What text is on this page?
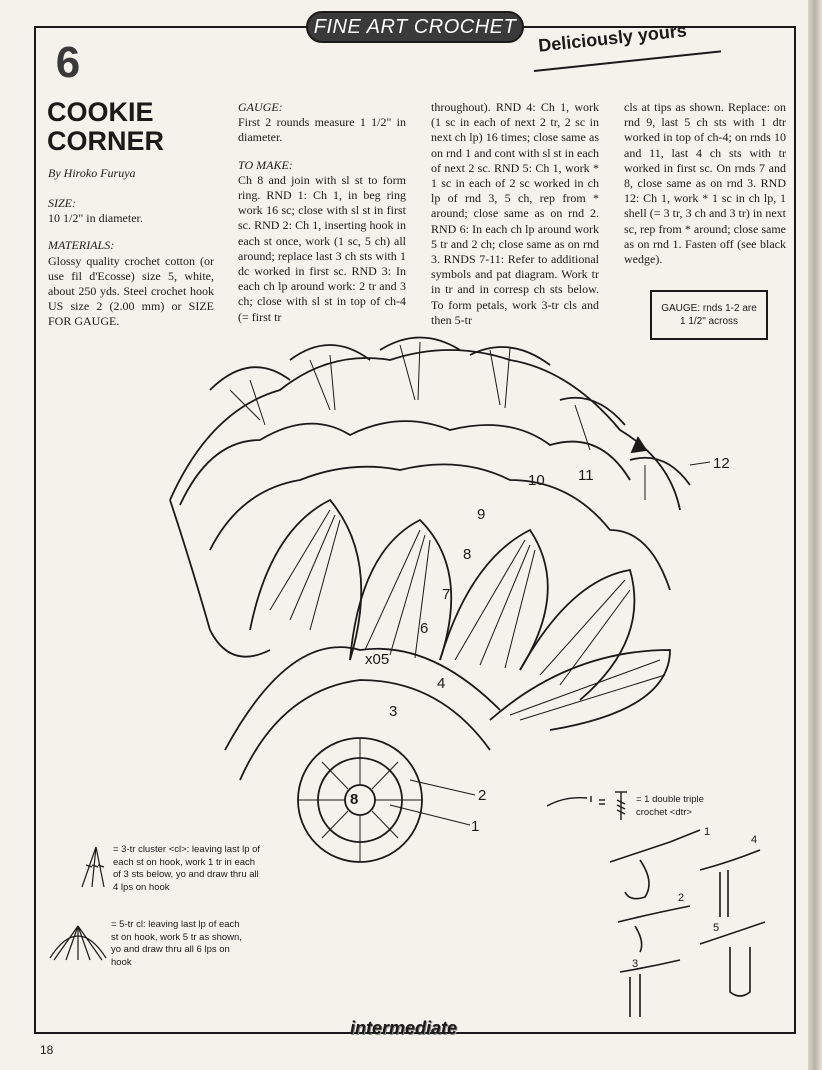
FINE ART CROCHET Deliciously yours
6
COOKIE
CORNER
By Hiroko Furuya

SIZE:

10 1/2" in diameter.

MATERIALS:

Glossy quality crochet cotton (or use fil d'Ecosse) size 5, white, about 250 yds. Steel crochet hook US size 2 (2.00 mm) or SIZE FOR GAUGE.

GAUGE:

First 2 rounds measure 1 1/2" in diameter.

TO MAKE:

Ch 8 and join with sl st to form ring. RND 1: Ch 1, in beg ring work 16 sc; close with sl st in first sc. RND 2: Ch 1, inserting hook in each st once, work (1 sc, 5 ch) all around; replace last 3 ch sts with 1 dc worked in first sc. RND 3: In each ch lp around work: 2 tr and 3 ch; close with sl st in top of ch-4 (= first tr

throughout). RND 4: Ch 1, work (1 sc in each of next 2 tr, 2 sc in next ch lp) 16 times; close same as on rnd 1 and cont with sl st in each of next 2 sc. RND 5: Ch 1, work * 1 sc in each of 2 sc worked in ch lp of rnd 3, 5 ch, rep from * around; close same as on rnd 2. RND 6: In each ch lp around work 5 tr and 2 ch; close same as on rnd 3. RNDS 7-11: Refer to additional symbols and pat diagram. Work tr in tr and in corresp ch sts below. To form petals, work 3-tr cls and then 5-tr

cls at tips as shown. Replace: on rnd 9, last 5 ch sts with 1 dtr worked in top of ch-4; on rnds 10 and 11, last 4 ch sts with tr worked in first sc. On rnds 7 and 8, close same as on rnd 3. RND 12: Ch 1, work * 1 sc in ch lp, 1 shell (= 3 tr, 3 ch and 3 tr) in next sc, rep from * around; close same as on rnd 1. Fasten off (see black wedge).

GAUGE: rnds 1-2 are 1 1/2" across
8	2
1
3
4
x05
6
7
8
9
10 11
12
= 1 double triple crochet <dtr>
= 3-tr cluster <cl>: leaving last lp of each st on hook, work 1 tr in each of 3 sts below, yo and draw thru all 4 lps on hook
= 5-tr cl: leaving last lp of each st on hook, work 5 tr as shown, yo and draw thru all 6 lps on hook
1
4
2
5
3
intermediate
18
